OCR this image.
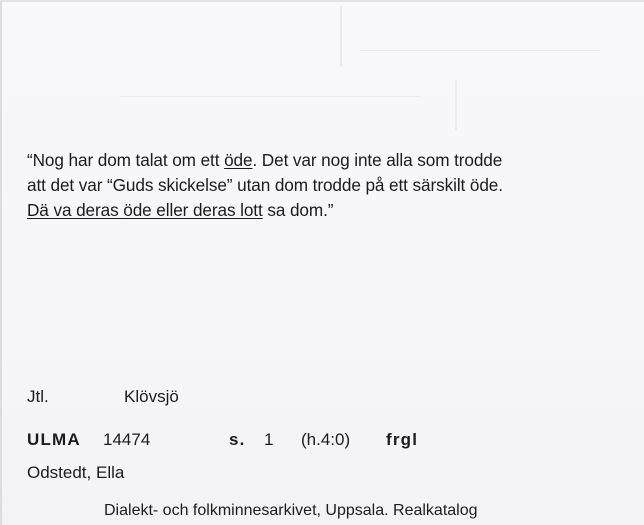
“Nog har dom talat om ett öde. Det var nog inte alla som trodde

att det var “Guds skickelse” utan dom trodde på ett särskilt öde.

Dä va deras öde eller deras lott sa dom.”

Jtl.	Klövsjö
ULMA 14474	s. 1 (h.4:0) frgl
Odstedt, Ella
Dialekt- och folkminnesarkivet, Uppsala. Realkatalog
